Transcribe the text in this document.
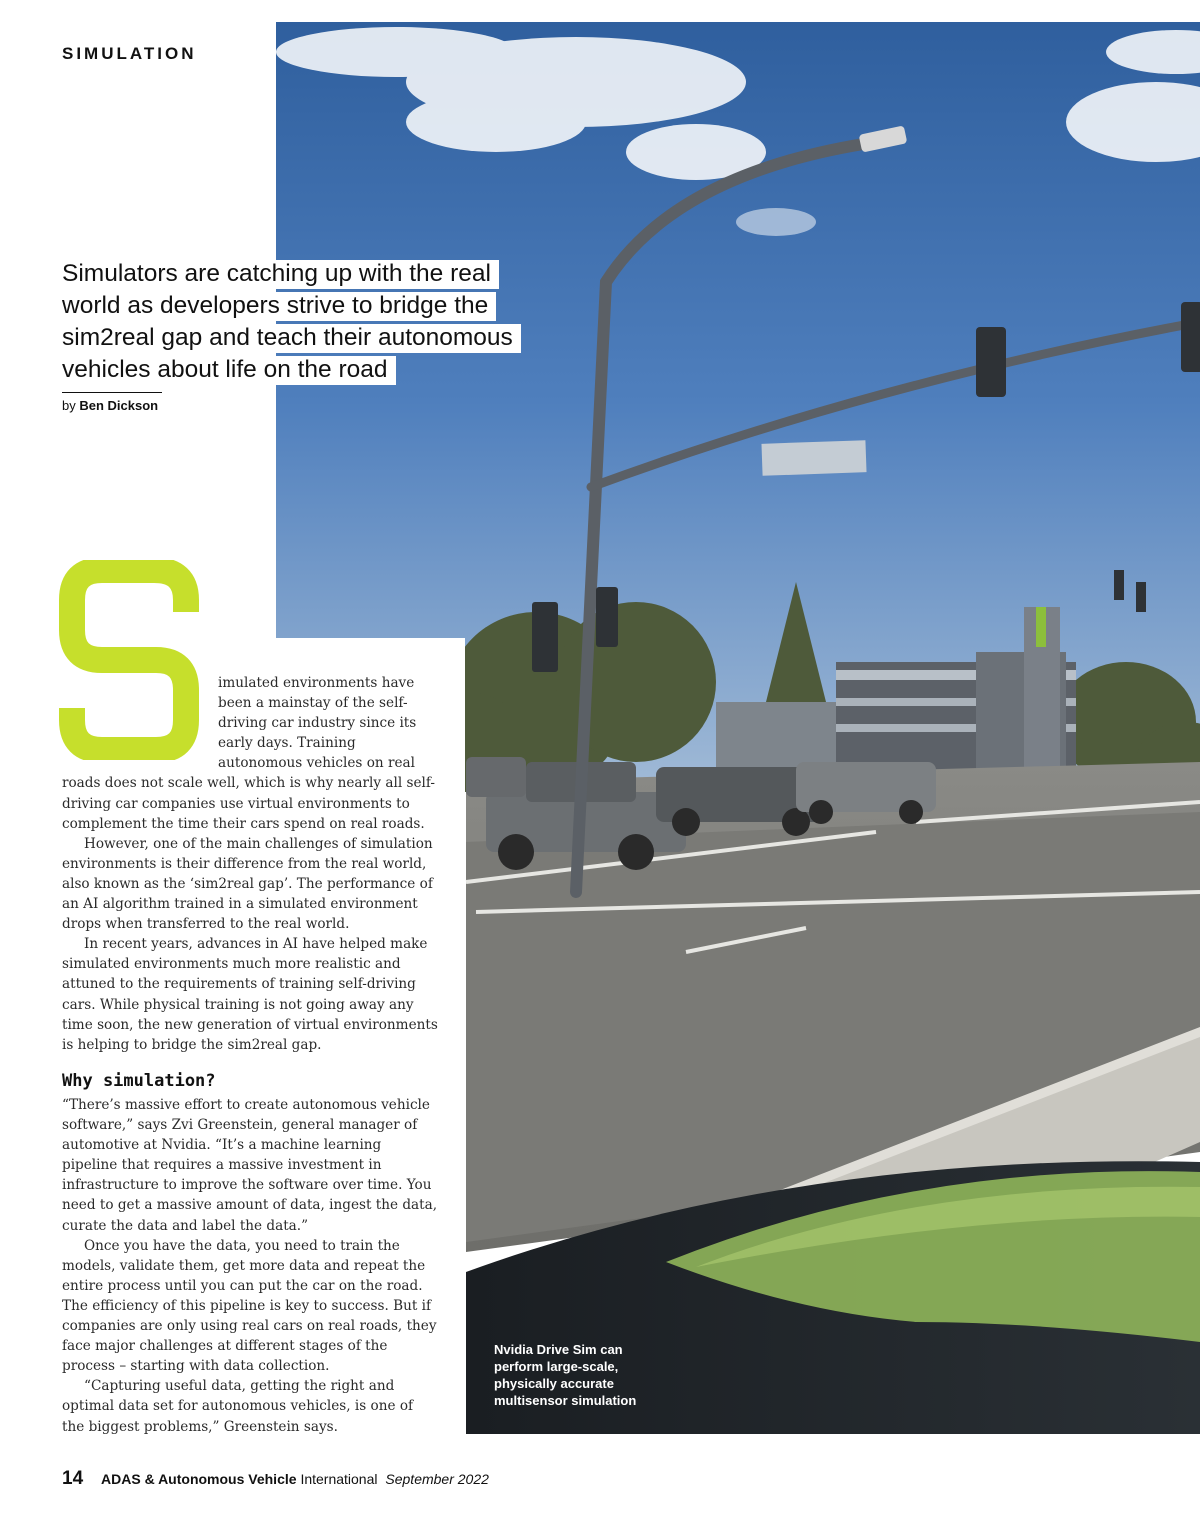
SIMULATION
Simulators are catching up with the real
world as developers strive to bridge the
sim2real gap and teach their autonomous
vehicles about life on the road
by Ben Dickson
S

imulated environments have been a mainstay of the self-driving car industry since its early days. Training autonomous vehicles on real roads does not scale well, which is why nearly all self-driving car companies use virtual environments to complement the time their cars spend on real roads.

However, one of the main challenges of simulation environments is their difference from the real world, also known as the ‘sim2real gap’. The performance of an AI algorithm trained in a simulated environment drops when transferred to the real world.

In recent years, advances in AI have helped make simulated environments much more realistic and attuned to the requirements of training self-driving cars. While physical training is not going away any time soon, the new generation of virtual environments is helping to bridge the sim2real gap.

Why simulation?

“There’s massive effort to create autonomous vehicle software,” says Zvi Greenstein, general manager of automotive at Nvidia. “It’s a machine learning pipeline that requires a massive investment in infrastructure to improve the software over time. You need to get a massive amount of data, ingest the data, curate the data and label the data.”

Once you have the data, you need to train the models, validate them, get more data and repeat the entire process until you can put the car on the road. The efficiency of this pipeline is key to success. But if companies are only using real cars on real roads, they face major challenges at different stages of the process – starting with data collection.

“Capturing useful data, getting the right and optimal data set for autonomous vehicles, is one of the biggest problems,” Greenstein says.

Nvidia Drive Sim can
perform large-scale,
physically accurate
multisensor simulation
14 ADAS & Autonomous Vehicle International September 2022
